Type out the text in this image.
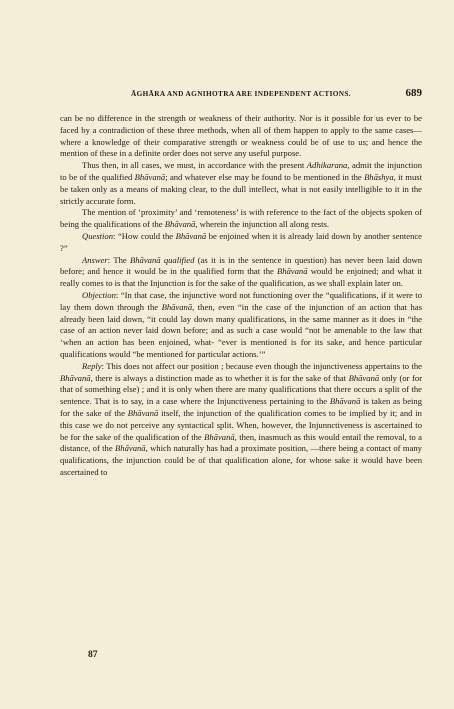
ĀGHĀRA AND AGNIHOTRA ARE INDEPENDENT ACTIONS.	689

can be no difference in the strength or weakness of their authority. Nor is it possible for us ever to be faced by a contradiction of these three methods, when all of them happen to apply to the same cases—where a knowledge of their comparative strength or weakness could be of use to us; and hence the mention of these in a definite order does not serve any useful purpose.

Thus then, in all cases, we must, in accordance with the present Adhikarana, admit the injunction to be of the qualified Bhāvanā; and whatever else may be found to be mentioned in the Bhāshya, it must be taken only as a means of making clear, to the dull intellect, what is not easily intelligible to it in the strictly accurate form.

The mention of ‘proximity’ and ‘remoteness’ is with reference to the fact of the objects spoken of being the qualifications of the Bhāvanā, wherein the injunction all along rests.

Question: “How could the Bhāvanā be enjoined when it is already laid down by another sentence ?”

Answer: The Bhāvanā qualified (as it is in the sentence in question) has never been laid down before; and hence it would be in the qualified form that the Bhāvanā would be enjoined; and what it really comes to is that the Injunction is for the sake of the qualification, as we shall explain later on.

Objection: “In that case, the injunctive word not functioning over the “qualifications, if it were to lay them down through the Bhāvanā, then, even “in the case of the injunction of an action that has already been laid down, “it could lay down many qualifications, in the same manner as it does in “the case of an action never laid down before; and as such a case would “not be amenable to the law that ‘when an action has been enjoined, what- “ever is mentioned is for its sake, and hence particular qualifications would “be mentioned for particular actions.’”

Reply: This does not affect our position ; because even though the injunctiveness appertains to the Bhāvanā, there is always a distinction made as to whether it is for the sake of that Bhāvanā only (or for that of something else) ; and it is only when there are many qualifications that there occurs a split of the sentence. That is to say, in a case where the Injunctiveness pertaining to the Bhāvanā is taken as being for the sake of the Bhāvanā itself, the injunction of the qualification comes to be implied by it; and in this case we do not perceive any syntactical split. When, however, the Injunnctiveness is ascertained to be for the sake of the qualification of the Bhāvanā, then, inasmuch as this would entail the removal, to a distance, of the Bhāvanā, which naturally has had a proximate position, —there being a contact of many qualifications, the injunction could be of that qualification alone, for whose sake it would have been ascertained to

87
